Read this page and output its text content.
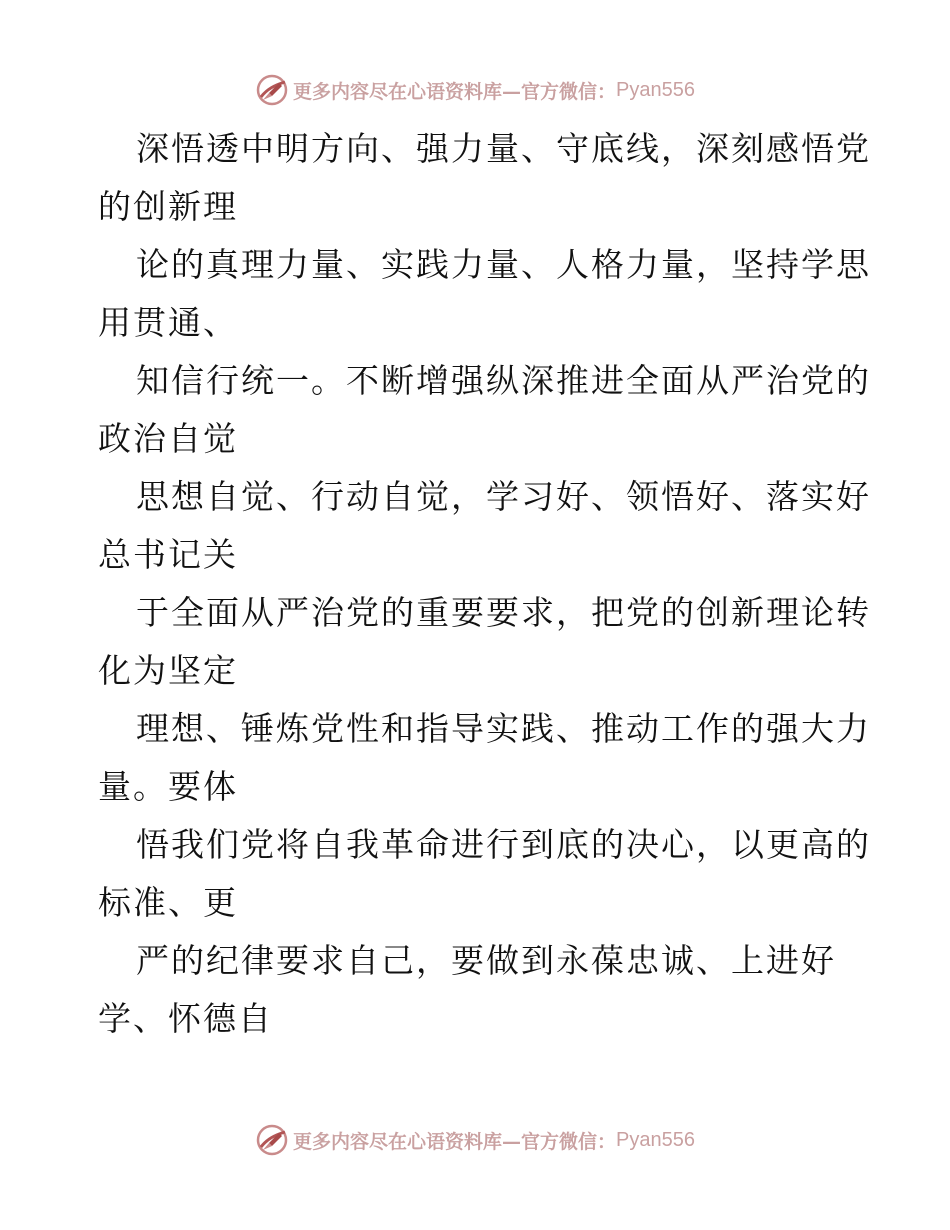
更多内容尽在心语资料库—官方微信： Pyan556

深悟透中明方向、强力量、守底线，深刻感悟党
的创新理

论的真理力量、实践力量、人格力量，坚持学思
用贯通、

知信行统一。不断增强纵深推进全面从严治党的
政治自觉

思想自觉、行动自觉，学习好、领悟好、落实好
总书记关

于全面从严治党的重要要求，把党的创新理论转
化为坚定

理想、锤炼党性和指导实践、推动工作的强大力
量。要体

悟我们党将自我革命进行到底的决心，以更高的
标准、更

严的纪律要求自己，要做到永葆忠诚、上进好
学、怀德自

更多内容尽在心语资料库—官方微信： Pyan556
